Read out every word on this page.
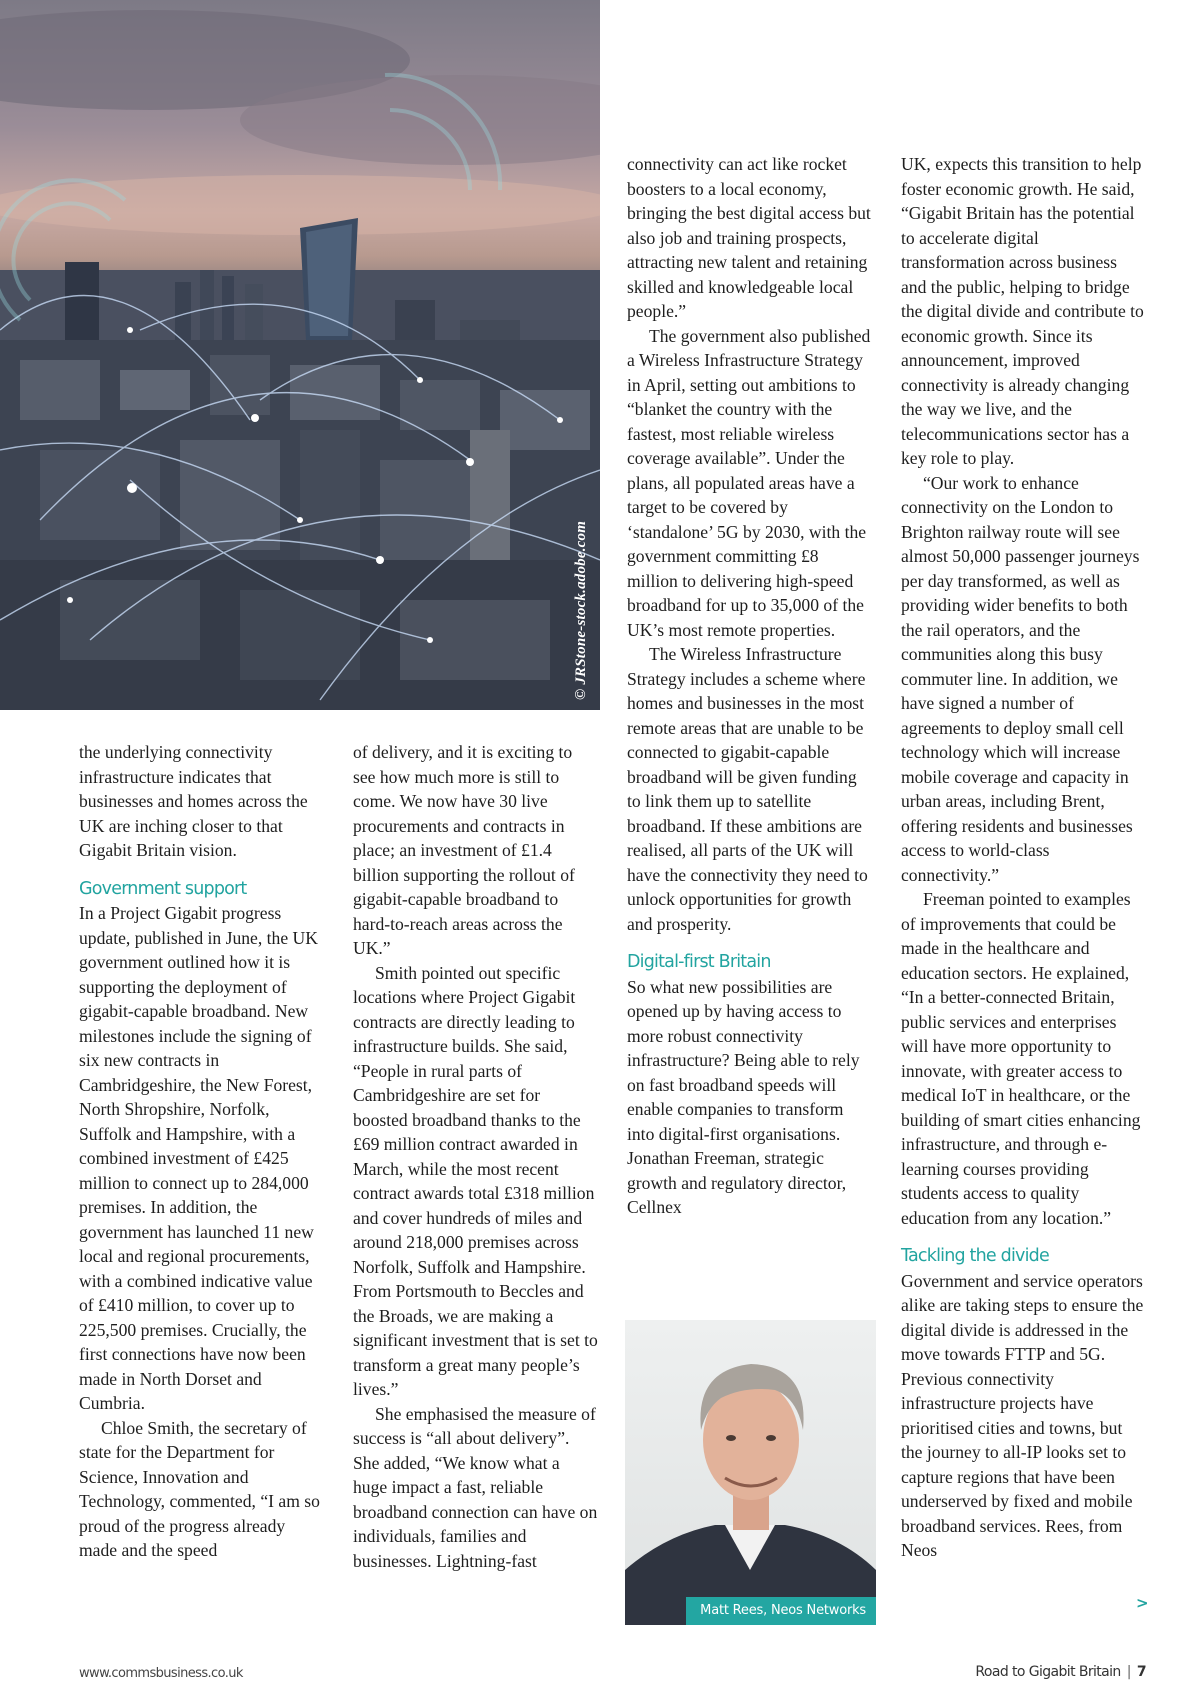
© JRStone-stock.adobe.com

the underlying connectivity infrastructure indicates that businesses and homes across the UK are inching closer to that Gigabit Britain vision.

Government support

In a Project Gigabit progress update, published in June, the UK government outlined how it is supporting the deployment of gigabit-capable broadband. New milestones include the signing of six new contracts in Cambridgeshire, the New Forest, North Shropshire, Norfolk, Suffolk and Hampshire, with a combined investment of £425 million to connect up to 284,000 premises. In addition, the government has launched 11 new local and regional procurements, with a combined indicative value of £410 million, to cover up to 225,500 premises. Crucially, the first connections have now been made in North Dorset and Cumbria.

Chloe Smith, the secretary of state for the Department for Science, Innovation and Technology, commented, “I am so proud of the progress already made and the speed

of delivery, and it is exciting to see how much more is still to come. We now have 30 live procurements and contracts in place; an investment of £1.4 billion supporting the rollout of gigabit-capable broadband to hard-to-reach areas across the UK.”

Smith pointed out specific locations where Project Gigabit contracts are directly leading to infrastructure builds. She said, “People in rural parts of Cambridgeshire are set for boosted broadband thanks to the £69 million contract awarded in March, while the most recent contract awards total £318 million and cover hundreds of miles and around 218,000 premises across Norfolk, Suffolk and Hampshire. From Portsmouth to Beccles and the Broads, we are making a significant investment that is set to transform a great many people’s lives.”

She emphasised the measure of success is “all about delivery”. She added, “We know what a huge impact a fast, reliable broadband connection can have on individuals, families and businesses. Lightning-fast

connectivity can act like rocket boosters to a local economy, bringing the best digital access but also job and training prospects, attracting new talent and retaining skilled and knowledgeable local people.”

The government also published a Wireless Infrastructure Strategy in April, setting out ambitions to “blanket the country with the fastest, most reliable wireless coverage available”. Under the plans, all populated areas have a target to be covered by ‘standalone’ 5G by 2030, with the government committing £8 million to delivering high-speed broadband for up to 35,000 of the UK’s most remote properties.

The Wireless Infrastructure Strategy includes a scheme where homes and businesses in the most remote areas that are unable to be connected to gigabit-capable broadband will be given funding to link them up to satellite broadband. If these ambitions are realised, all parts of the UK will have the connectivity they need to unlock opportunities for growth and prosperity.

Digital-first Britain

So what new possibilities are opened up by having access to more robust connectivity infrastructure? Being able to rely on fast broadband speeds will enable companies to transform into digital-first organisations. Jonathan Freeman, strategic growth and regulatory director, Cellnex

Matt Rees, Neos Networks

UK, expects this transition to help foster economic growth. He said, “Gigabit Britain has the potential to accelerate digital transformation across business and the public, helping to bridge the digital divide and contribute to economic growth. Since its announcement, improved connectivity is already changing the way we live, and the telecommunications sector has a key role to play.

“Our work to enhance connectivity on the London to Brighton railway route will see almost 50,000 passenger journeys per day transformed, as well as providing wider benefits to both the rail operators, and the communities along this busy commuter line. In addition, we have signed a number of agreements to deploy small cell technology which will increase mobile coverage and capacity in urban areas, including Brent, offering residents and businesses access to world-class connectivity.”

Freeman pointed to examples of improvements that could be made in the healthcare and education sectors. He explained, “In a better-connected Britain, public services and enterprises will have more opportunity to innovate, with greater access to medical IoT in healthcare, or the building of smart cities enhancing infrastructure, and through e-learning courses providing students access to quality education from any location.”

Tackling the divide

Government and service operators alike are taking steps to ensure the digital divide is addressed in the move towards FTTP and 5G. Previous connectivity infrastructure projects have prioritised cities and towns, but the journey to all-IP looks set to capture regions that have been underserved by fixed and mobile broadband services. Rees, from Neos

>
www.commsbusiness.co.uk	Road to Gigabit Britain | 7
